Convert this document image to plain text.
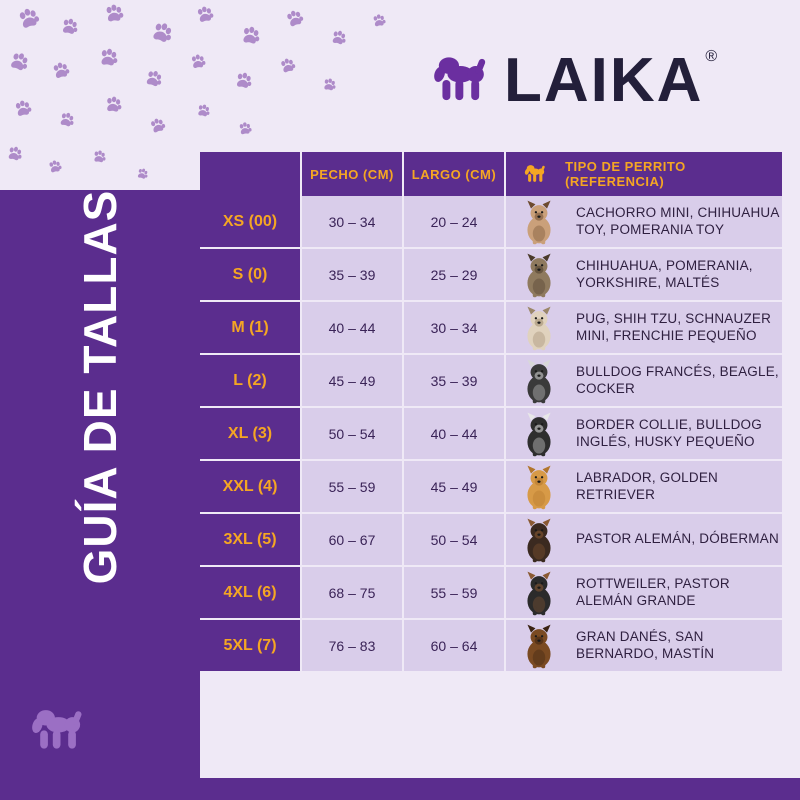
GUÍA DE TALLAS
LAIKA ®
PECHO (CM)	LARGO (CM)	TIPO DE PERRITO (REFERENCIA)
XS (00)	30 – 34	20 – 24
CACHORRO MINI, CHIHUAHUA TOY, POMERANIA TOY
S (0)	35 – 39	25 – 29
CHIHUAHUA, POMERANIA, YORKSHIRE, MALTÉS
M (1)	40 – 44	30 – 34
PUG, SHIH TZU, SCHNAUZER MINI, FRENCHIE PEQUEÑO
L (2)	45 – 49	35 – 39
BULLDOG FRANCÉS, BEAGLE, COCKER
XL (3)	50 – 54	40 – 44
BORDER COLLIE, BULLDOG INGLÉS, HUSKY PEQUEÑO
XXL (4)	55 – 59	45 – 49
LABRADOR, GOLDEN RETRIEVER
3XL (5)	60 – 67	50 – 54	PASTOR ALEMÁN, DÓBERMAN
4XL (6)	68 – 75	55 – 59
ROTTWEILER, PASTOR ALEMÁN GRANDE
5XL (7)	76 – 83	60 – 64
GRAN DANÉS, SAN BERNARDO, MASTÍN
